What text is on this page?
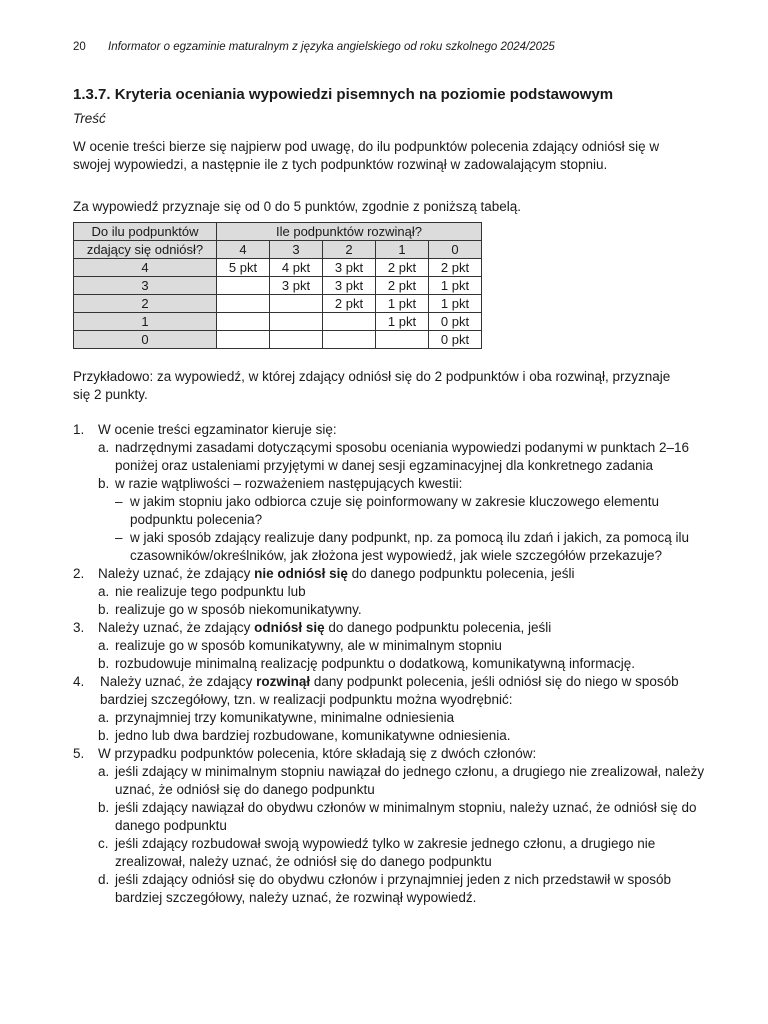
20 Informator o egzaminie maturalnym z języka angielskiego od roku szkolnego 2024/2025
1.3.7. Kryteria oceniania wypowiedzi pisemnych na poziomie podstawowym
Treść
W ocenie treści bierze się najpierw pod uwagę, do ilu podpunktów polecenia zdający odniósł się w swojej wypowiedzi, a następnie ile z tych podpunktów rozwinął w zadowalającym stopniu.
Za wypowiedź przyznaje się od 0 do 5 punktów, zgodnie z poniższą tabelą.
Do ilu podpunktów	Ile podpunktów rozwinął?				
zdający się odniósł?	4	3	2	1	0
4	5 pkt	4 pkt	3 pkt	2 pkt	2 pkt
3		3 pkt	3 pkt	2 pkt	1 pkt
2			2 pkt	1 pkt	1 pkt
1				1 pkt	0 pkt
0					0 pkt
Przykładowo: za wypowiedź, w której zdający odniósł się do 2 podpunktów i oba rozwinął, przyznaje się 2 punkty.
1.	W ocenie treści egzaminator kieruje się:
a. nadrzędnymi zasadami dotyczącymi sposobu oceniania wypowiedzi podanymi w punktach 2–16 poniżej oraz ustaleniami przyjętymi w danej sesji egzaminacyjnej dla konkretnego zadania
b. w razie wątpliwości – rozważeniem następujących kwestii:
– w jakim stopniu jako odbiorca czuje się poinformowany w zakresie kluczowego elementu podpunktu polecenia?
– w jaki sposób zdający realizuje dany podpunkt, np. za pomocą ilu zdań i jakich, za pomocą ilu czasowników/określników, jak złożona jest wypowiedź, jak wiele szczegółów przekazuje?
2.	Należy uznać, że zdający nie odniósł się do danego podpunktu polecenia, jeśli
a. nie realizuje tego podpunktu lub
b. realizuje go w sposób niekomunikatywny.
3.	Należy uznać, że zdający odniósł się do danego podpunktu polecenia, jeśli
a. realizuje go w sposób komunikatywny, ale w minimalnym stopniu
b. rozbudowuje minimalną realizację podpunktu o dodatkową, komunikatywną informację.
4.	Należy uznać, że zdający rozwinął dany podpunkt polecenia, jeśli odniósł się do niego w sposób bardziej szczegółowy, tzn. w realizacji podpunktu można wyodrębnić:
a. przynajmniej trzy komunikatywne, minimalne odniesienia
b. jedno lub dwa bardziej rozbudowane, komunikatywne odniesienia.
5.	W przypadku podpunktów polecenia, które składają się z dwóch członów:
a. jeśli zdający w minimalnym stopniu nawiązał do jednego członu, a drugiego nie zrealizował, należy uznać, że odniósł się do danego podpunktu
b. jeśli zdający nawiązał do obydwu członów w minimalnym stopniu, należy uznać, że odniósł się do danego podpunktu
c. jeśli zdający rozbudował swoją wypowiedź tylko w zakresie jednego członu, a drugiego nie zrealizował, należy uznać, że odniósł się do danego podpunktu
d. jeśli zdający odniósł się do obydwu członów i przynajmniej jeden z nich przedstawił w sposób bardziej szczegółowy, należy uznać, że rozwinął wypowiedź.
